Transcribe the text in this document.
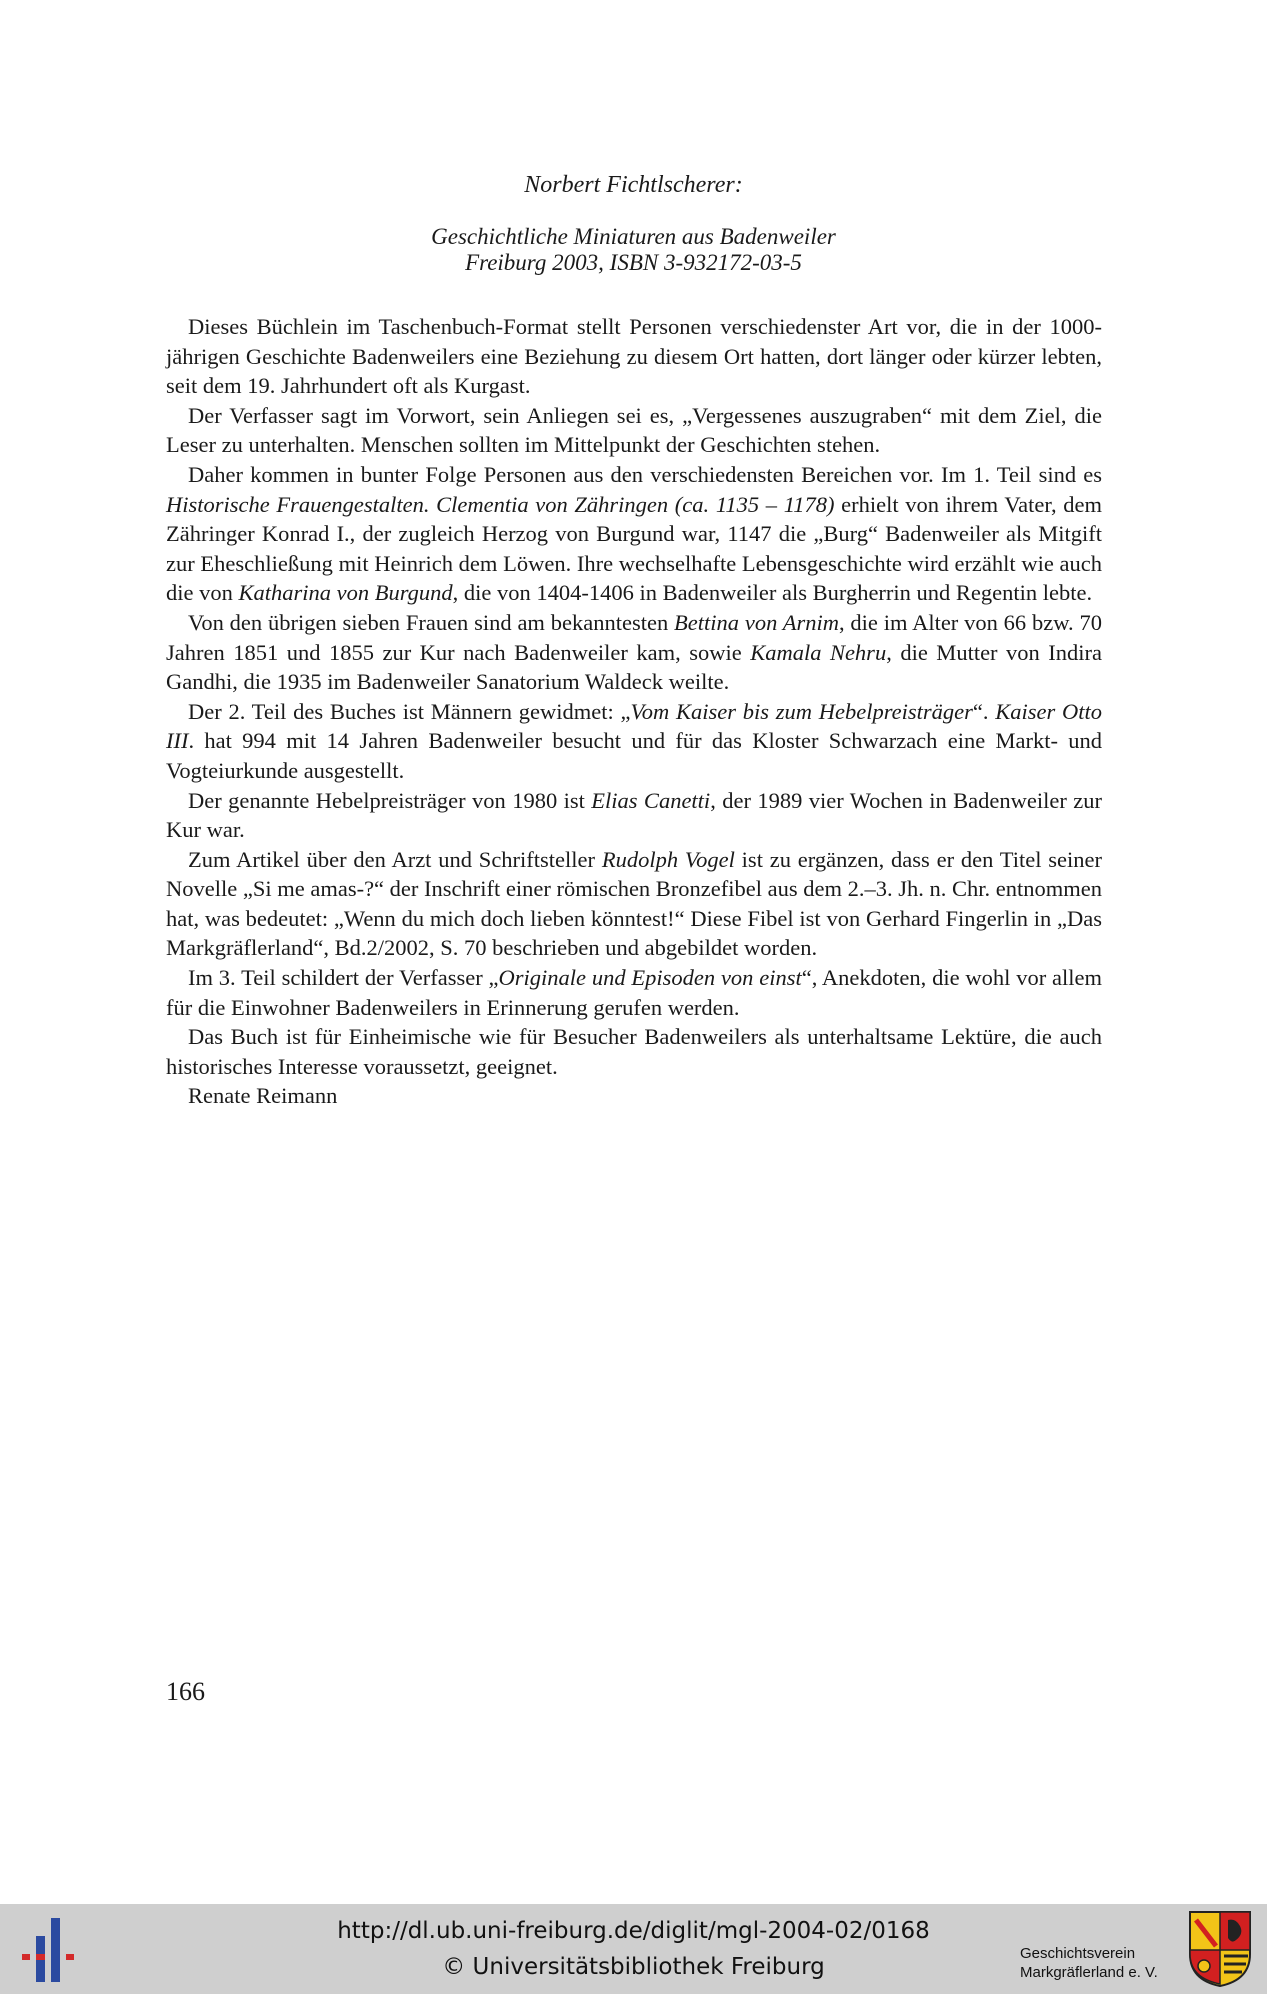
Norbert Fichtlscherer:
Geschichtliche Miniaturen aus Badenweiler
Freiburg 2003, ISBN 3-932172-03-5

Dieses Büchlein im Taschenbuch-Format stellt Personen verschiedenster Art vor, die in der 1000-jährigen Geschichte Badenweilers eine Beziehung zu diesem Ort hatten, dort länger oder kürzer lebten, seit dem 19. Jahrhundert oft als Kurgast.

Der Verfasser sagt im Vorwort, sein Anliegen sei es, „Vergessenes auszugraben“ mit dem Ziel, die Leser zu unterhalten. Menschen sollten im Mittelpunkt der Geschichten stehen.

Daher kommen in bunter Folge Personen aus den verschiedensten Bereichen vor. Im 1. Teil sind es Historische Frauengestalten. Clementia von Zähringen (ca. 1135 – 1178) erhielt von ihrem Vater, dem Zähringer Konrad I., der zugleich Herzog von Burgund war, 1147 die „Burg“ Badenweiler als Mitgift zur Eheschließung mit Heinrich dem Löwen. Ihre wechselhafte Lebensgeschichte wird erzählt wie auch die von Katharina von Burgund, die von 1404-1406 in Badenweiler als Burgherrin und Regentin lebte.

Von den übrigen sieben Frauen sind am bekanntesten Bettina von Arnim, die im Alter von 66 bzw. 70 Jahren 1851 und 1855 zur Kur nach Badenweiler kam, sowie Kamala Nehru, die Mutter von Indira Gandhi, die 1935 im Badenweiler Sanatorium Waldeck weilte.

Der 2. Teil des Buches ist Männern gewidmet: „Vom Kaiser bis zum Hebelpreisträger“. Kaiser Otto III. hat 994 mit 14 Jahren Badenweiler besucht und für das Kloster Schwarzach eine Markt- und Vogteiurkunde ausgestellt.

Der genannte Hebelpreisträger von 1980 ist Elias Canetti, der 1989 vier Wochen in Badenweiler zur Kur war.

Zum Artikel über den Arzt und Schriftsteller Rudolph Vogel ist zu ergänzen, dass er den Titel seiner Novelle „Si me amas-?“ der Inschrift einer römischen Bronzefibel aus dem 2.–3. Jh. n. Chr. entnommen hat, was bedeutet: „Wenn du mich doch lieben könntest!“ Diese Fibel ist von Gerhard Fingerlin in „Das Markgräflerland“, Bd.2/2002, S. 70 beschrieben und abgebildet worden.

Im 3. Teil schildert der Verfasser „Originale und Episoden von einst“, Anekdoten, die wohl vor allem für die Einwohner Badenweilers in Erinnerung gerufen werden.

Das Buch ist für Einheimische wie für Besucher Badenweilers als unterhaltsame Lektüre, die auch historisches Interesse voraussetzt, geeignet.

Renate Reimann

166
http://dl.ub.uni-freiburg.de/diglit/mgl-2004-02/0168
© Universitätsbibliothek Freiburg
Geschichtsverein
Markgräflerland e. V.
